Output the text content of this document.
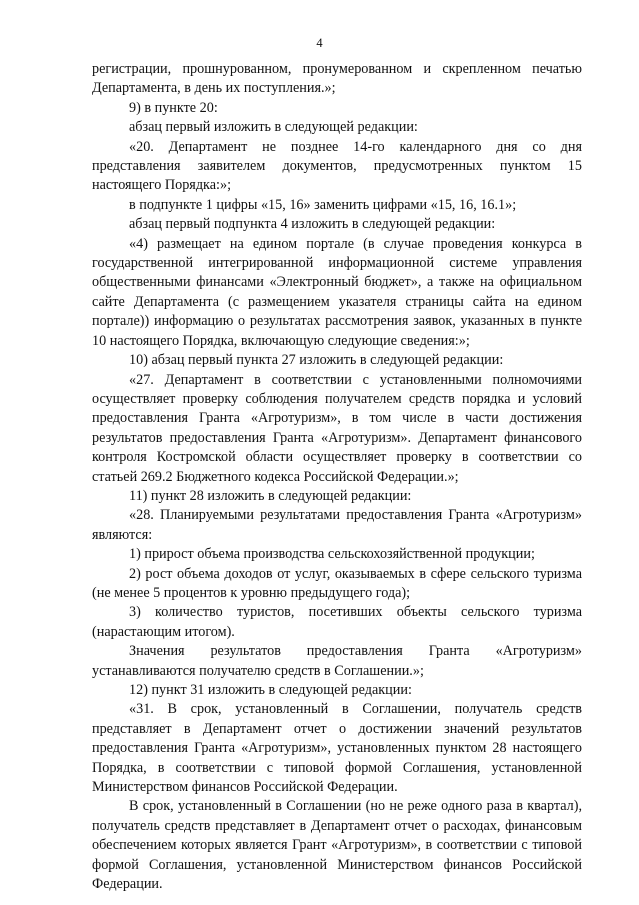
4

регистрации, прошнурованном, пронумерованном и скрепленном печатью Департамента, в день их поступления.»;

9) в пункте 20:

абзац первый изложить в следующей редакции:

«20. Департамент не позднее 14-го календарного дня со дня представления заявителем документов, предусмотренных пунктом 15 настоящего Порядка:»;

в подпункте 1 цифры «15, 16» заменить цифрами «15, 16, 16.1»;

абзац первый подпункта 4 изложить в следующей редакции:

«4) размещает на едином портале (в случае проведения конкурса в государственной интегрированной информационной системе управления общественными финансами «Электронный бюджет», а также на официальном сайте Департамента (с размещением указателя страницы сайта на едином портале)) информацию о результатах рассмотрения заявок, указанных в пункте 10 настоящего Порядка, включающую следующие сведения:»;

10) абзац первый пункта 27 изложить в следующей редакции:

«27. Департамент в соответствии с установленными полномочиями осуществляет проверку соблюдения получателем средств порядка и условий предоставления Гранта «Агротуризм», в том числе в части достижения результатов предоставления Гранта «Агротуризм». Департамент финансового контроля Костромской области осуществляет проверку в соответствии со статьей 269.2 Бюджетного кодекса Российской Федерации.»;

11) пункт 28 изложить в следующей редакции:

«28. Планируемыми результатами предоставления Гранта «Агротуризм» являются:

1) прирост объема производства сельскохозяйственной продукции;

2) рост объема доходов от услуг, оказываемых в сфере сельского туризма (не менее 5 процентов к уровню предыдущего года);

3) количество туристов, посетивших объекты сельского туризма (нарастающим итогом).

Значения результатов предоставления Гранта «Агротуризм» устанавливаются получателю средств в Соглашении.»;

12) пункт 31 изложить в следующей редакции:

«31. В срок, установленный в Соглашении, получатель средств представляет в Департамент отчет о достижении значений результатов предоставления Гранта «Агротуризм», установленных пунктом 28 настоящего Порядка, в соответствии с типовой формой Соглашения, установленной Министерством финансов Российской Федерации.

В срок, установленный в Соглашении (но не реже одного раза в квартал), получатель средств представляет в Департамент отчет о расходах, финансовым обеспечением которых является Грант «Агротуризм», в соответствии с типовой формой Соглашения, установленной Министерством финансов Российской Федерации.
